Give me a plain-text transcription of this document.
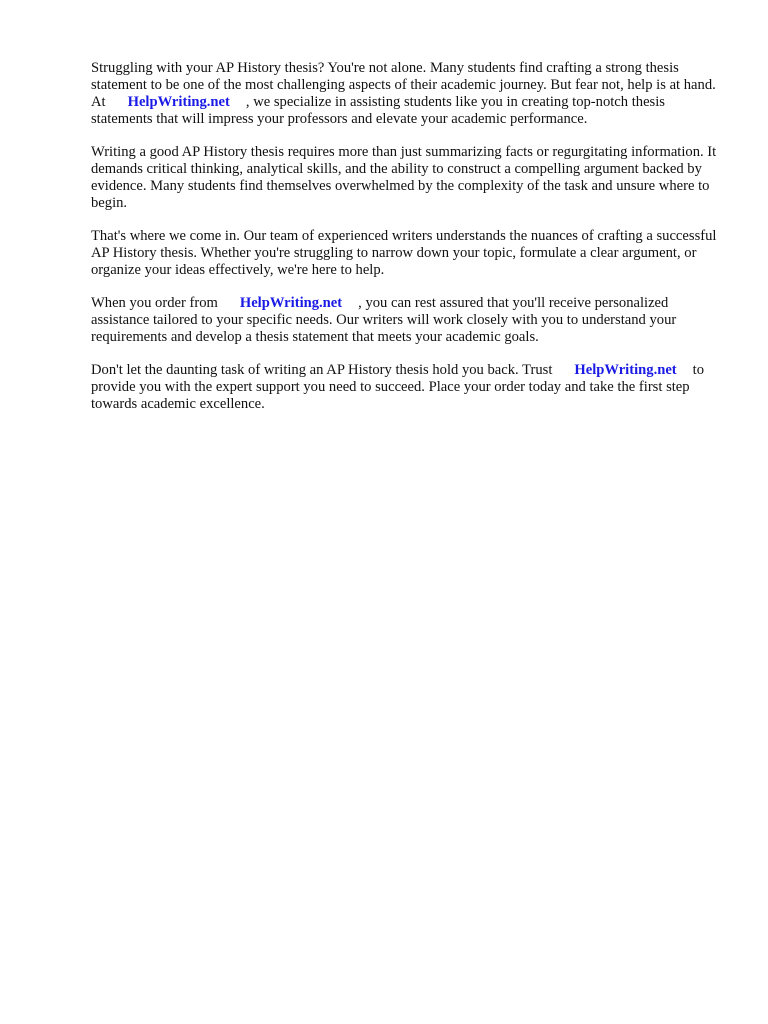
Struggling with your AP History thesis? You're not alone. Many students find crafting a strong thesis statement to be one of the most challenging aspects of their academic journey. But fear not, help is at hand. At HelpWriting.net , we specialize in assisting students like you in creating top-notch thesis statements that will impress your professors and elevate your academic performance.

Writing a good AP History thesis requires more than just summarizing facts or regurgitating information. It demands critical thinking, analytical skills, and the ability to construct a compelling argument backed by evidence. Many students find themselves overwhelmed by the complexity of the task and unsure where to begin.

That's where we come in. Our team of experienced writers understands the nuances of crafting a successful AP History thesis. Whether you're struggling to narrow down your topic, formulate a clear argument, or organize your ideas effectively, we're here to help.

When you order from HelpWriting.net , you can rest assured that you'll receive personalized assistance tailored to your specific needs. Our writers will work closely with you to understand your requirements and develop a thesis statement that meets your academic goals.

Don't let the daunting task of writing an AP History thesis hold you back. Trust HelpWriting.net to provide you with the expert support you need to succeed. Place your order today and take the first step towards academic excellence.
